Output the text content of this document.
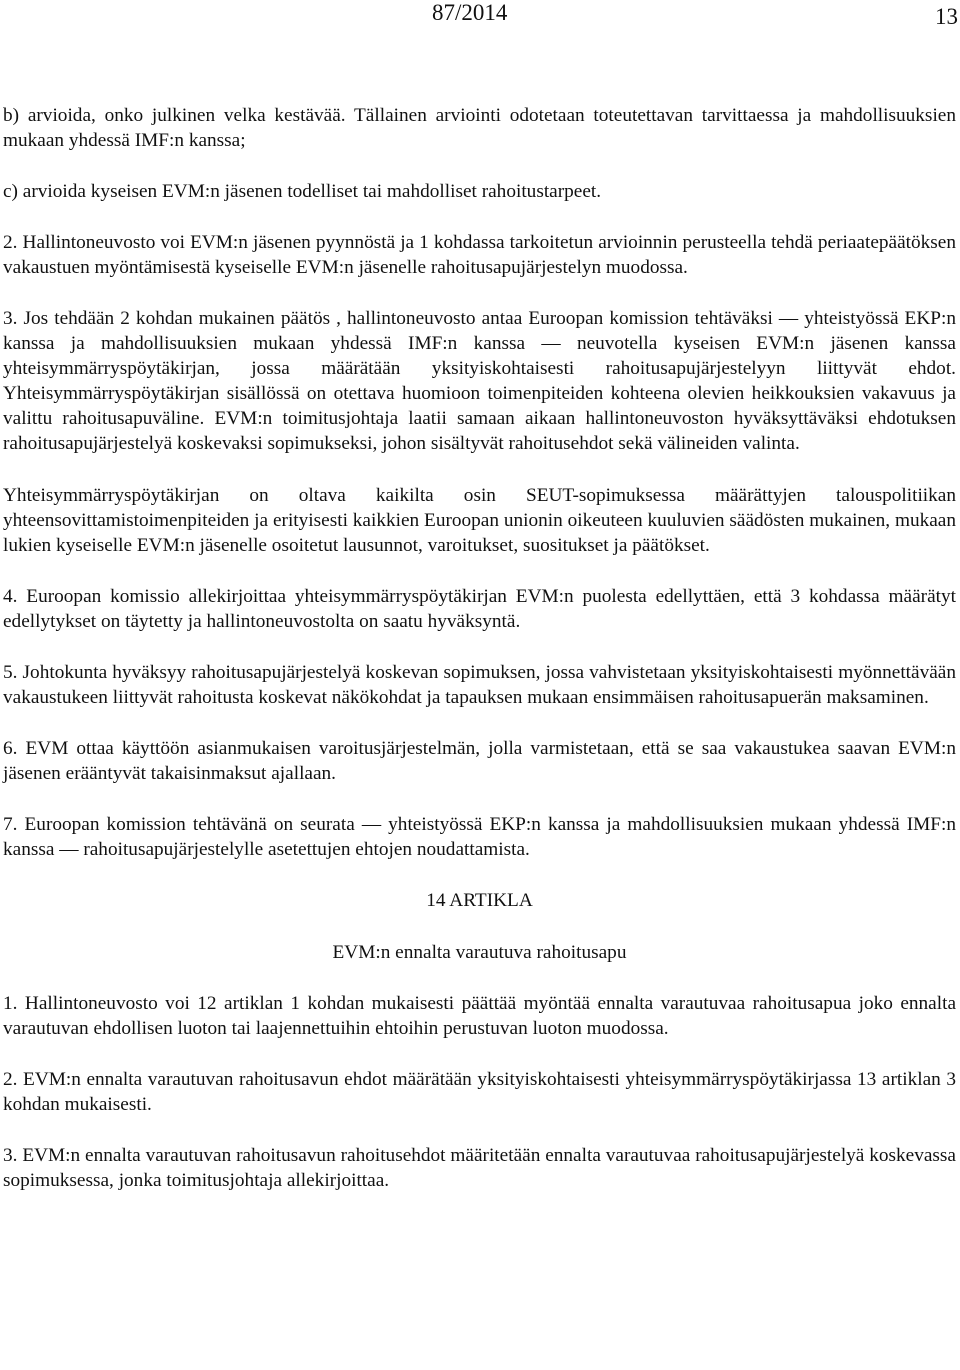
87/2014	13

b) arvioida, onko julkinen velka kestävää. Tällainen arviointi odotetaan toteutettavan tarvittaessa ja mahdollisuuksien mukaan yhdessä IMF:n kanssa;

c) arvioida kyseisen EVM:n jäsenen todelliset tai mahdolliset rahoitustarpeet.

2. Hallintoneuvosto voi EVM:n jäsenen pyynnöstä ja 1 kohdassa tarkoitetun arvioinnin perusteella tehdä periaatepäätöksen vakaustuen myöntämisestä kyseiselle EVM:n jäsenelle rahoitusapujärjestelyn muodossa.

3. Jos tehdään 2 kohdan mukainen päätös , hallintoneuvosto antaa Euroopan komission tehtäväksi — yhteistyössä EKP:n kanssa ja mahdollisuuksien mukaan yhdessä IMF:n kanssa — neuvotella kyseisen EVM:n jäsenen kanssa yhteisymmärryspöytäkirjan, jossa määrätään yksityiskohtaisesti rahoitusapujärjestelyyn liittyvät ehdot. Yhteisymmärryspöytäkirjan sisällössä on otettava huomioon toimenpiteiden kohteena olevien heikkouksien vakavuus ja valittu rahoitusapuväline. EVM:n toimitusjohtaja laatii samaan aikaan hallintoneuvoston hyväksyttäväksi ehdotuksen rahoitusapujärjestelyä koskevaksi sopimukseksi, johon sisältyvät rahoitusehdot sekä välineiden valinta.

Yhteisymmärryspöytäkirjan on oltava kaikilta osin SEUT-sopimuksessa määrättyjen talouspolitiikan yhteensovittamistoimenpiteiden ja erityisesti kaikkien Euroopan unionin oikeuteen kuuluvien säädösten mukainen, mukaan lukien kyseiselle EVM:n jäsenelle osoitetut lausunnot, varoitukset, suositukset ja päätökset.

4. Euroopan komissio allekirjoittaa yhteisymmärryspöytäkirjan EVM:n puolesta edellyttäen, että 3 kohdassa määrätyt edellytykset on täytetty ja hallintoneuvostolta on saatu hyväksyntä.

5. Johtokunta hyväksyy rahoitusapujärjestelyä koskevan sopimuksen, jossa vahvistetaan yksityiskohtaisesti myönnettävään vakaustukeen liittyvät rahoitusta koskevat näkökohdat ja tapauksen mukaan ensimmäisen rahoitusapuerän maksaminen.

6. EVM ottaa käyttöön asianmukaisen varoitusjärjestelmän, jolla varmistetaan, että se saa vakaustukea saavan EVM:n jäsenen erääntyvät takaisinmaksut ajallaan.

7. Euroopan komission tehtävänä on seurata — yhteistyössä EKP:n kanssa ja mahdollisuuksien mukaan yhdessä IMF:n kanssa — rahoitusapujärjestelylle asetettujen ehtojen noudattamista.

14 ARTIKLA

EVM:n ennalta varautuva rahoitusapu

1. Hallintoneuvosto voi 12 artiklan 1 kohdan mukaisesti päättää myöntää ennalta varautuvaa rahoitusapua joko ennalta varautuvan ehdollisen luoton tai laajennettuihin ehtoihin perustuvan luoton muodossa.

2. EVM:n ennalta varautuvan rahoitusavun ehdot määrätään yksityiskohtaisesti yhteisymmärryspöytäkirjassa 13 artiklan 3 kohdan mukaisesti.

3. EVM:n ennalta varautuvan rahoitusavun rahoitusehdot määritetään ennalta varautuvaa rahoitusapujärjestelyä koskevassa sopimuksessa, jonka toimitusjohtaja allekirjoittaa.
